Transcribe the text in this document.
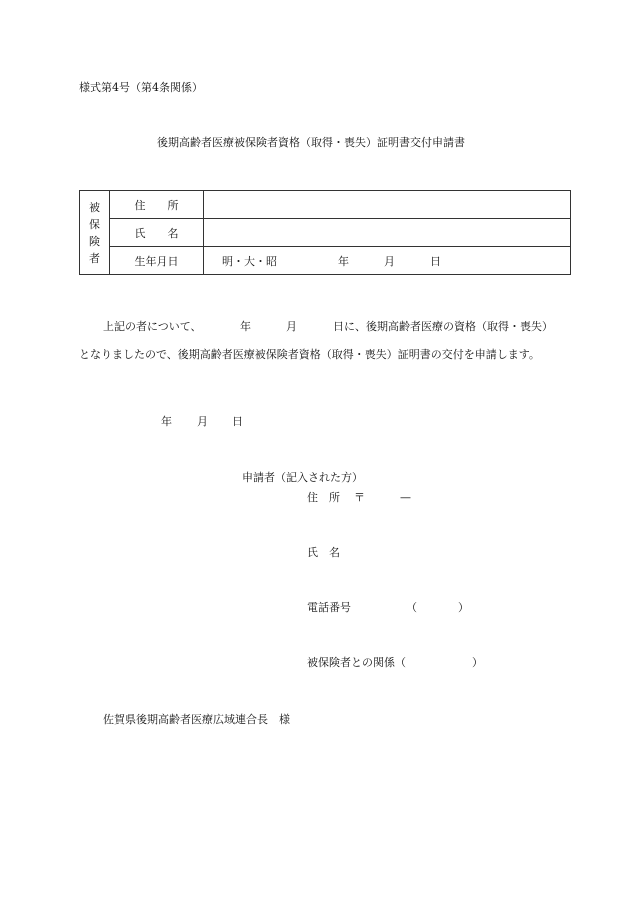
様式第4号（第4条関係）
後期高齢者医療被保険者資格（取得・喪失）証明書交付申請書
被
保
険
者	住　　所	
	氏　　名	
	生年月日	明・大・昭 年 月 日
上記の者について、	年	月	日に、後期高齢者医療の資格（取得・喪失）
となりましたので、後期高齢者医療被保険者資格（取得・喪失）証明書の交付を申請します。
年 月 日
申請者（記入された方）
住　所 〒	—
氏　名
電話番号	（	）
被保険者との関係（	）
佐賀県後期高齢者医療広域連合長　様
